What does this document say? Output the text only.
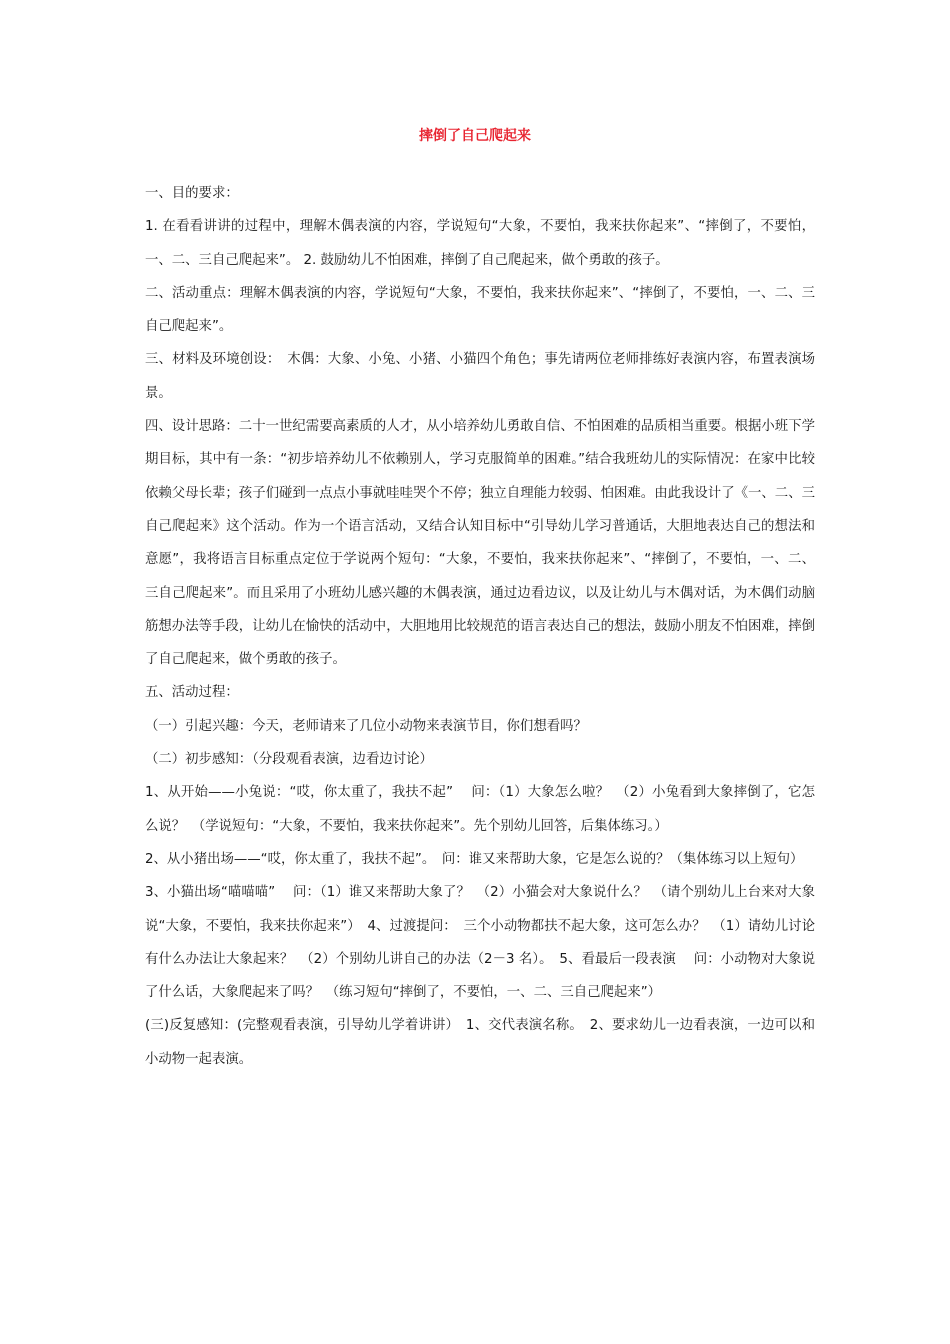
摔倒了自己爬起来

一、目的要求：

1. 在看看讲讲的过程中，理解木偶表演的内容，学说短句“大象，不要怕，我来扶你起来”、“摔倒了，不要怕，一、二、三自己爬起来”。 2. 鼓励幼儿不怕困难，摔倒了自己爬起来，做个勇敢的孩子。

二、活动重点：理解木偶表演的内容，学说短句“大象，不要怕，我来扶你起来”、“摔倒了，不要怕，一、二、三自己爬起来”。

三、材料及环境创设：　木偶：大象、小兔、小猪、小猫四个角色；事先请两位老师排练好表演内容，布置表演场景。

四、设计思路：二十一世纪需要高素质的人才，从小培养幼儿勇敢自信、不怕困难的品质相当重要。根据小班下学期目标，其中有一条：“初步培养幼儿不依赖别人，学习克服简单的困难。”结合我班幼儿的实际情况：在家中比较依赖父母长辈；孩子们碰到一点点小事就哇哇哭个不停；独立自理能力较弱、怕困难。由此我设计了《一、二、三自己爬起来》这个活动。作为一个语言活动，又结合认知目标中“引导幼儿学习普通话，大胆地表达自己的想法和意愿”，我将语言目标重点定位于学说两个短句：“大象，不要怕，我来扶你起来”、“摔倒了，不要怕，一、二、三自己爬起来”。而且采用了小班幼儿感兴趣的木偶表演，通过边看边议，以及让幼儿与木偶对话，为木偶们动脑筋想办法等手段，让幼儿在愉快的活动中，大胆地用比较规范的语言表达自己的想法，鼓励小朋友不怕困难，摔倒了自己爬起来，做个勇敢的孩子。

五、活动过程：

（一）引起兴趣：今天，老师请来了几位小动物来表演节目，你们想看吗？

（二）初步感知：（分段观看表演，边看边讨论）

1、从开始——小兔说：“哎，你太重了，我扶不起”　 问：（1）大象怎么啦？　（2）小兔看到大象摔倒了，它怎么说？　（学说短句：“大象，不要怕，我来扶你起来”。先个别幼儿回答，后集体练习。）

2、从小猪出场——“哎，你太重了，我扶不起”。　问：谁又来帮助大象，它是怎么说的？（集体练习以上短句）

3、小猫出场“喵喵喵”　 问：（1）谁又来帮助大象了？　（2）小猫会对大象说什么？　（请个别幼儿上台来对大象说“大象，不要怕，我来扶你起来”）　4、过渡提问：　三个小动物都扶不起大象，这可怎么办？　（1）请幼儿讨论有什么办法让大象起来？　（2）个别幼儿讲自己的办法（2－3 名）。　5、看最后一段表演　 问：小动物对大象说了什么话，大象爬起来了吗？　（练习短句“摔倒了，不要怕，一、二、三自己爬起来”）

(三)反复感知：(完整观看表演，引导幼儿学着讲讲）　1、交代表演名称。　2、要求幼儿一边看表演，一边可以和小动物一起表演。
